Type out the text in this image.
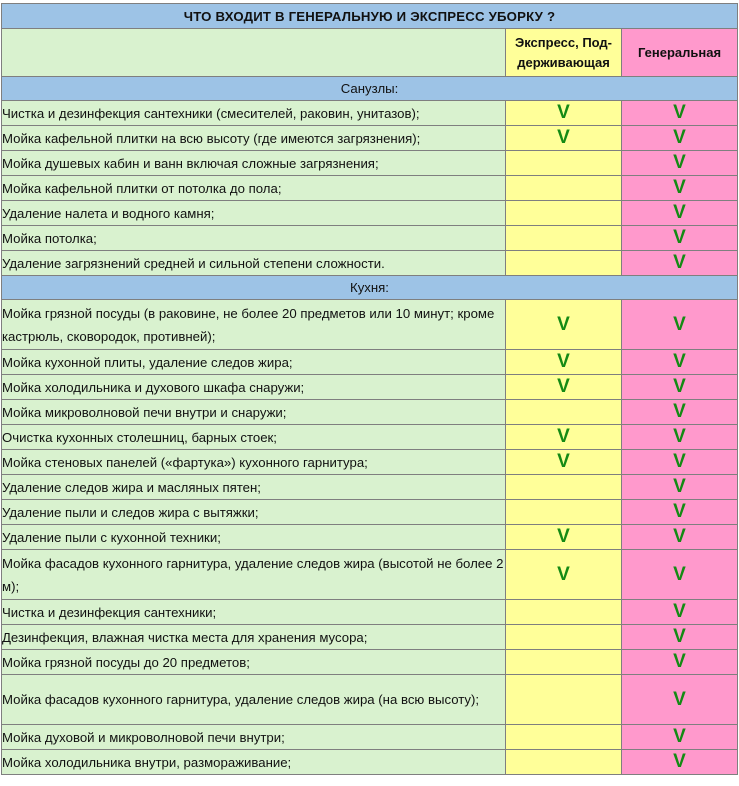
ЧТО ВХОДИТ В ГЕНЕРАЛЬНУЮ И ЭКСПРЕСС УБОРКУ ?		
	Экспресс, Под-держивающая	Генеральная
Санузлы:		
Чистка и дезинфекция сантехники (смесителей, раковин, унитазов);	V	V
Мойка кафельной плитки на всю высоту (где имеются загрязнения);	V	V
Мойка душевых кабин и ванн включая сложные загрязнения;		V
Мойка кафельной плитки от потолка до пола;		V
Удаление налета и водного камня;		V
Мойка потолка;		V
Удаление загрязнений средней и сильной степени сложности.		V
Кухня:		
Мойка грязной посуды (в раковине, не более 20 предметов или 10 минут; кроме кастрюль, сковородок, противней);	V	V
Мойка кухонной плиты, удаление следов жира;	V	V
Мойка холодильника и духового шкафа снаружи;	V	V
Мойка микроволновой печи внутри и снаружи;		V
Очистка кухонных столешниц, барных стоек;	V	V
Мойка стеновых панелей («фартука») кухонного гарнитура;	V	V
Удаление следов жира и масляных пятен;		V
Удаление пыли и следов жира с вытяжки;		V
Удаление пыли с кухонной техники;	V	V
Мойка фасадов кухонного гарнитура, удаление следов жира (высотой не более 2 м);	V	V
Чистка и дезинфекция сантехники;		V
Дезинфекция, влажная чистка места для хранения мусора;		V
Мойка грязной посуды до 20 предметов;		V
Мойка фасадов кухонного гарнитура, удаление следов жира (на всю высоту);		V
Мойка духовой и микроволновой печи внутри;		V
Мойка холодильника внутри, размораживание;		V
